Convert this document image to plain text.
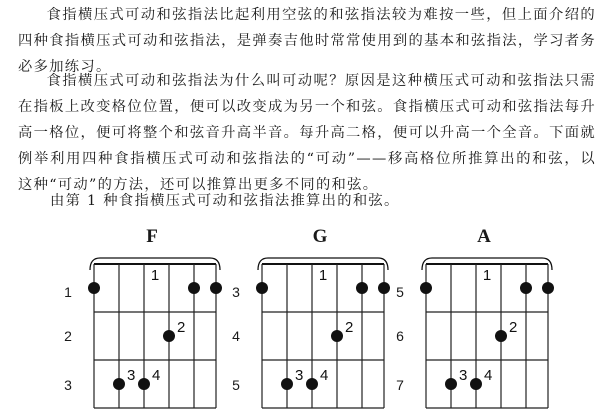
食指横压式可动和弦指法比起利用空弦的和弦指法较为难按一些，但上面介绍的四种食指横压式可动和弦指法，是弹奏吉他时常常使用到的基本和弦指法，学习者务必多加练习。

食指横压式可动和弦指法为什么叫可动呢？原因是这种横压式可动和弦指法只需在指板上改变格位位置，便可以改变成为另一个和弦。食指横压式可动和弦指法每升高一格位，便可将整个和弦音升高半音。每升高二格，便可以升高一个全音。下面就例举利用四种食指横压式可动和弦指法的“可动”——移高格位所推算出的和弦，以这种“可动”的方法，还可以推算出更多不同的和弦。

由第 1 种食指横压式可动和弦指法推算出的和弦。

F
1
2
3
1
2
3 4
G
3
4
5
1
2
3 4
A
5
6
7
1
2
3 4
